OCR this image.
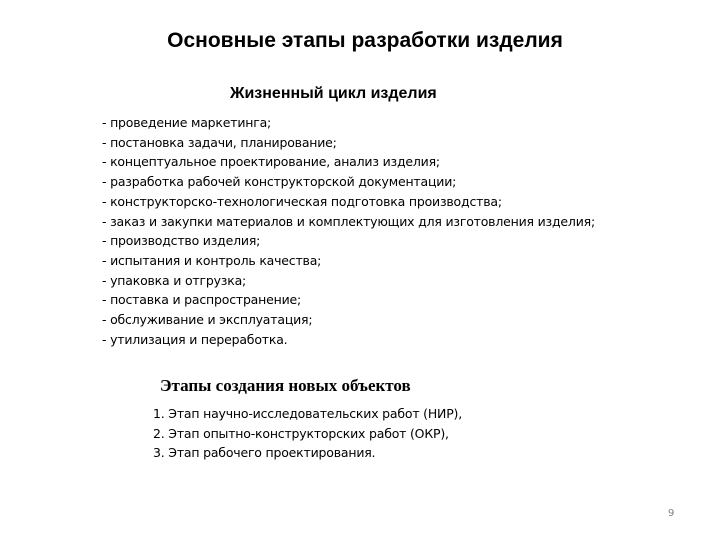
Основные этапы разработки изделия
Жизненный цикл изделия
- проведение маркетинга;
- постановка задачи, планирование;
- концептуальное проектирование, анализ изделия;
- разработка рабочей конструкторской документации;
- конструкторско-технологическая подготовка производства;
- заказ и закупки материалов и комплектующих для изготовления изделия;
- производство изделия;
- испытания и контроль качества;
- упаковка и отгрузка;
- поставка и распространение;
- обслуживание и эксплуатация;
- утилизация и переработка.
Этапы создания новых объектов
1. Этап научно-исследовательских работ (НИР),
2. Этап опытно-конструкторских работ (ОКР),
3. Этап рабочего проектирования.
9
